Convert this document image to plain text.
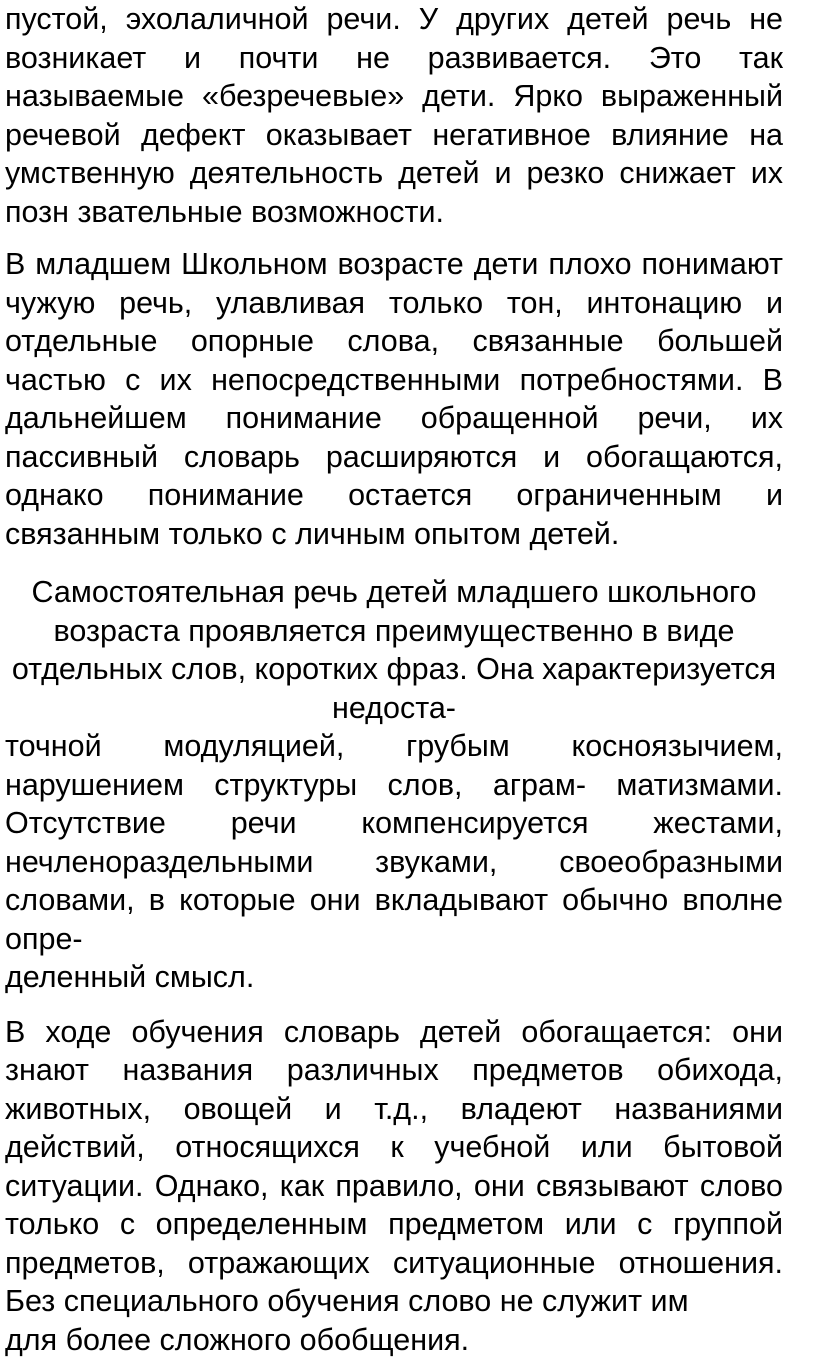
пустой, эхолаличной речи. У других детей речь не
возникает и почти не развивается. Это так
называемые «безречевые» дети. Ярко выраженный
речевой дефект оказывает негативное влияние на
умственную деятельность детей и резко снижает их
позн звательные возможности.
В младшем Школьном возрасте дети плохо понимают
чужую речь, улавливая только тон, интонацию и
отдельные опорные слова, связанные большей
частью с их непосредственными потребностями. В
дальнейшем понимание обращенной речи, их
пассивный словарь расширяются и обогащаются,
однако понимание остается ограниченным и
связанным только с личным опытом детей.
Самостоятельная речь детей младшего школьного
возраста проявляется преимущественно в виде
отдельных слов, коротких фраз. Она характеризуется
недоста-
точной модуляцией, грубым косноязычием,
нарушением структуры слов, аграм- матизмами.
Отсутствие речи компенсируется жестами,
нечленораздельными звуками, своеобразными
словами, в которые они вкладывают обычно вполне
опре-
деленный смысл.
В ходе обучения словарь детей обогащается: они
знают названия различных предметов обихода,
животных, овощей и т.д., владеют названиями
действий, относящихся к учебной или бытовой
ситуации. Однако, как правило, они связывают слово
только с определенным предметом или с группой
предметов, отражающих ситуационные отношения.
Без специального обучения слово не служит им
для более сложного обобщения.
